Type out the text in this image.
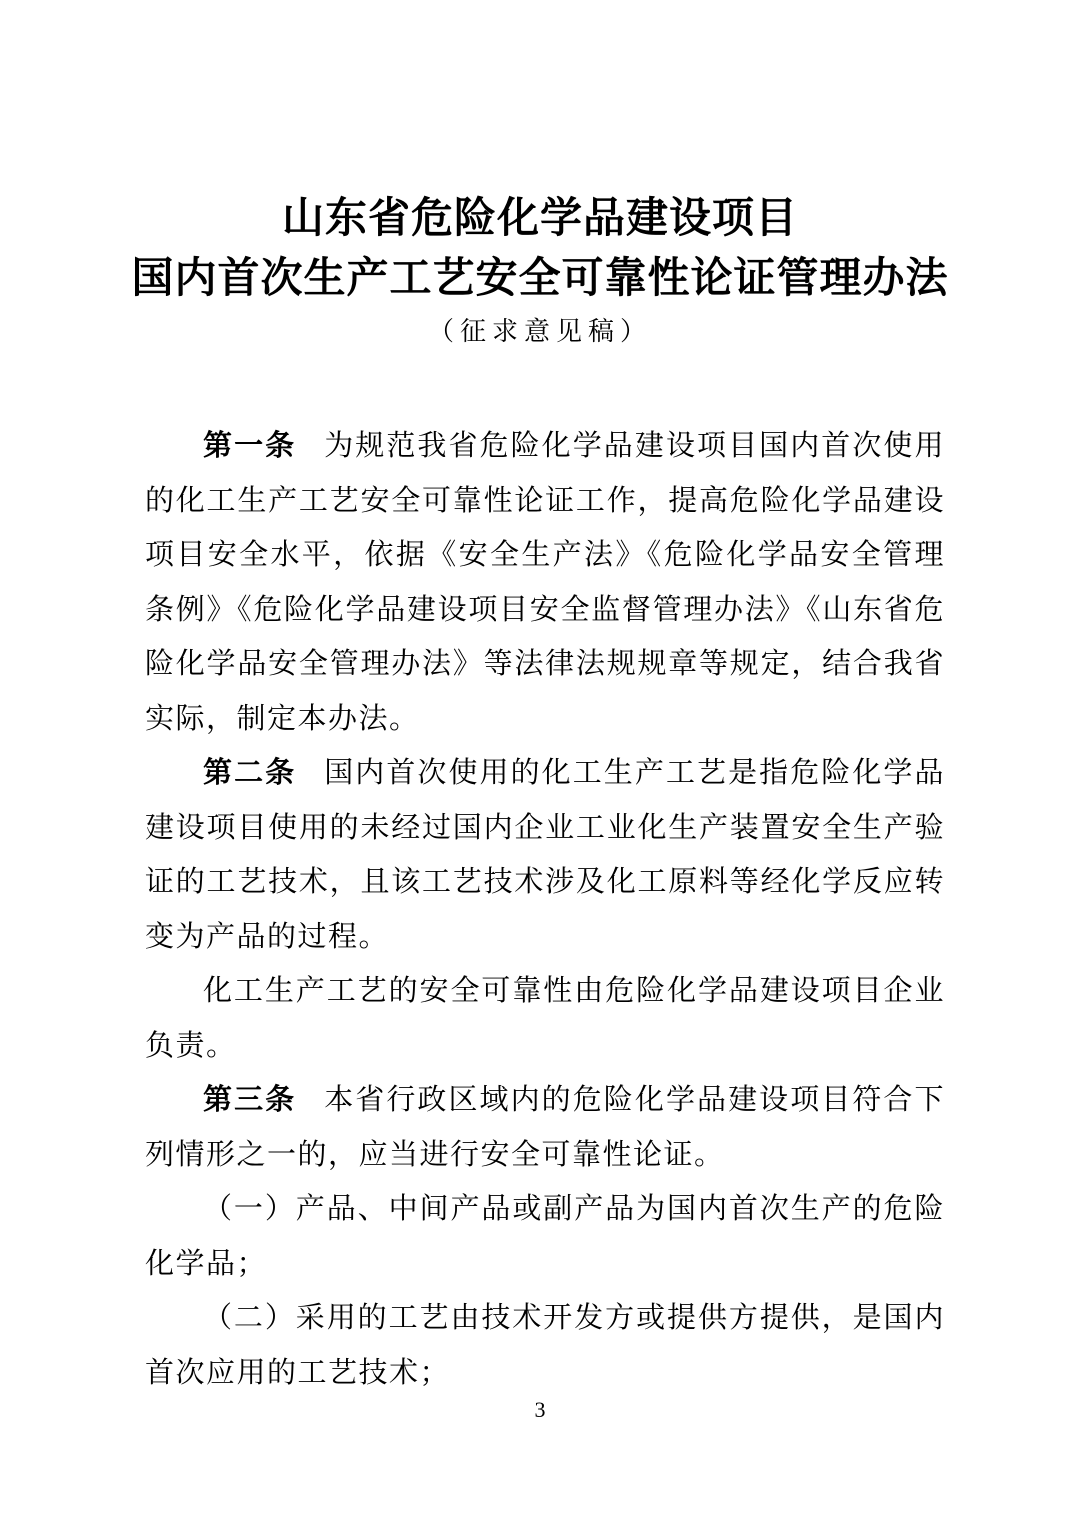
山东省危险化学品建设项目
国内首次生产工艺安全可靠性论证管理办法
（征求意见稿）

第一条 为规范我省危险化学品建设项目国内首次使用的化工生产工艺安全可靠性论证工作，提高危险化学品建设项目安全水平，依据《安全生产法》《危险化学品安全管理条例》《危险化学品建设项目安全监督管理办法》《山东省危险化学品安全管理办法》等法律法规规章等规定，结合我省实际，制定本办法。

第二条 国内首次使用的化工生产工艺是指危险化学品建设项目使用的未经过国内企业工业化生产装置安全生产验证的工艺技术，且该工艺技术涉及化工原料等经化学反应转变为产品的过程。

化工生产工艺的安全可靠性由危险化学品建设项目企业负责。

第三条 本省行政区域内的危险化学品建设项目符合下列情形之一的，应当进行安全可靠性论证。

（一）产品、中间产品或副产品为国内首次生产的危险化学品；

（二）采用的工艺由技术开发方或提供方提供，是国内首次应用的工艺技术；

3
